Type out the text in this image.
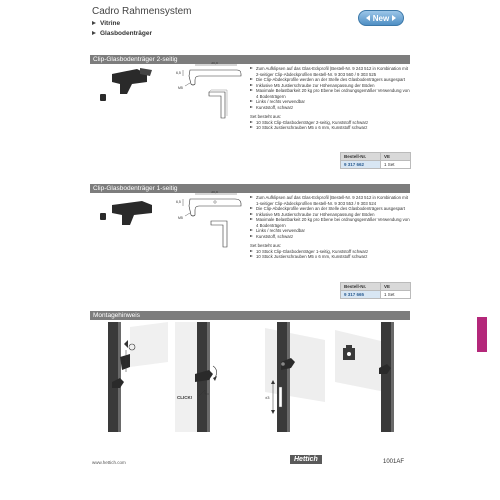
Cadro Rahmensystem
Vitrine
Glasbodenträger
New
Clip-Glasbodenträger 2-seitig	30,5
6,5
M5
Zum Aufklipsen auf das Glas-Eckprofil (Bestell-Nr. 9 243 512 in Kombination mit 2-seitiger Clip-Abdeckprofilen Bestell-Nr. 9 303 560 / 9 303 525
Die Clip-Abdeckprofile werden an der Stelle des Glasbodenträgers ausgespart
Inklusive M5 Justierschraube zur Höhenanpassung der Böden
Maximale Belastbarkeit 20 kg pro Ebene bei ordnungsgemäßer Verwendung von 4 Bodenträgern
Links / rechts verwendbar
Kunststoff, schwarz
Set besteht aus:
10 Stück Clip-Glasbodenträger 2-seitig, Kunststoff schwarz
10 Stück Justierschrauben M5 x 6 mm, Kunststoff schwarz
Bestell-Nr.	VE
9 317 662	1 Set
Clip-Glasbodenträger 1-seitig	30,5
6,5
M5
Zum Aufklipsen auf das Glas-Eckprofil (Bestell-Nr. 9 243 512 in Kombination mit 1-seitiger Clip-Abdeckprofilen Bestell-Nr. 9 303 553 / 9 303 524
Die Clip-Abdeckprofile werden an der Stelle des Glasbodenträgers ausgespart
Inklusive M5 Justierschraube zur Höhenanpassung der Böden
Maximale Belastbarkeit 20 kg pro Ebene bei ordnungsgemäßer Verwendung von 4 Bodenträgern
Links / rechts verwendbar
Kunststoff, schwarz
Set besteht aus:
10 Stück Clip-Glasbodenträger 1-seitig, Kunststoff schwarz
10 Stück Justierschrauben M5 x 6 mm, Kunststoff schwarz
Bestell-Nr.	VE
9 317 665	1 Set
Montagehinweis
CLICK!	±3
www.hettich.com	Hettich	1001AF
